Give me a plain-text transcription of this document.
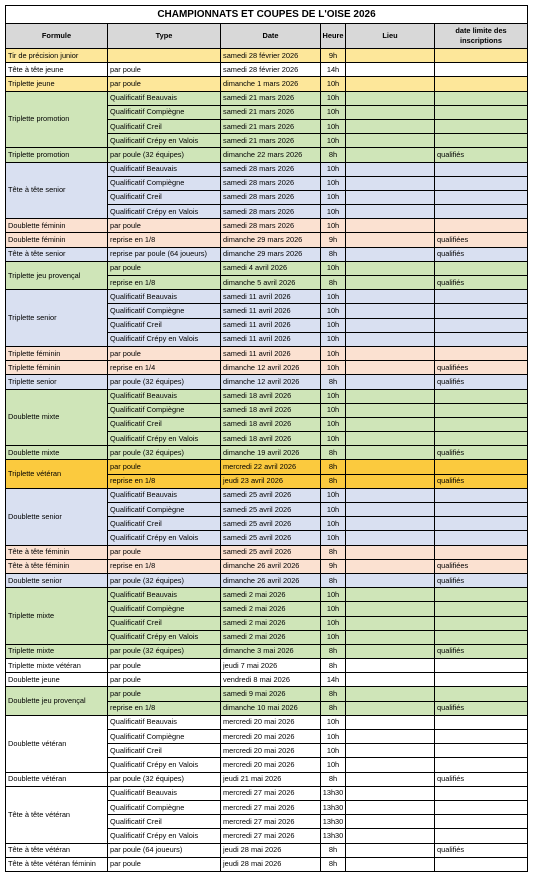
CHAMPIONNATS ET COUPES DE L'OISE 2026
Formule	Type	Date	Heure	Lieu	date limite des inscriptions
Tir de précision junior		samedi 28 février 2026	9h		
Tête à tête jeune	par poule	samedi 28 février 2026	14h		
Triplette jeune	par poule	dimanche 1 mars 2026	10h		
Triplette promotion	Qualificatif Beauvais	samedi 21 mars 2026	10h		
	Qualificatif Compiègne	samedi 21 mars 2026	10h		
	Qualificatif Creil	samedi 21 mars 2026	10h		
	Qualificatif Crépy en Valois	samedi 21 mars 2026	10h		
Triplette promotion	par poule (32 équipes)	dimanche 22 mars 2026	8h		qualifiés
Tête à tête senior	Qualificatif Beauvais	samedi 28 mars 2026	10h		
	Qualificatif Compiègne	samedi 28 mars 2026	10h		
	Qualificatif Creil	samedi 28 mars 2026	10h		
	Qualificatif Crépy en Valois	samedi 28 mars 2026	10h		
Doublette féminin	par poule	samedi 28 mars 2026	10h		
Doublette féminin	reprise en 1/8	dimanche 29 mars 2026	9h		qualifiées
Tête à tête senior	reprise par poule (64 joueurs)	dimanche 29 mars 2026	8h		qualifiés
Triplette jeu provençal	par poule	samedi 4 avril 2026	10h		
	reprise en 1/8	dimanche 5 avril 2026	8h		qualifiés
Triplette senior	Qualificatif Beauvais	samedi 11 avril 2026	10h		
	Qualificatif Compiègne	samedi 11 avril 2026	10h		
	Qualificatif Creil	samedi 11 avril 2026	10h		
	Qualificatif Crépy en Valois	samedi 11 avril 2026	10h		
Triplette féminin	par poule	samedi 11 avril 2026	10h		
Triplette féminin	reprise en 1/4	dimanche 12 avril 2026	10h		qualifiées
Triplette senior	par poule (32 équipes)	dimanche 12 avril 2026	8h		qualifiés
Doublette mixte	Qualificatif Beauvais	samedi 18 avril 2026	10h		
	Qualificatif Compiègne	samedi 18 avril 2026	10h		
	Qualificatif Creil	samedi 18 avril 2026	10h		
	Qualificatif Crépy en Valois	samedi 18 avril 2026	10h		
Doublette mixte	par poule (32 équipes)	dimanche 19 avril 2026	8h		qualifiés
Triplette vétéran	par poule	mercredi 22 avril 2026	8h		
	reprise en 1/8	jeudi 23 avril 2026	8h		qualifiés
Doublette senior	Qualificatif Beauvais	samedi 25 avril 2026	10h		
	Qualificatif Compiègne	samedi 25 avril 2026	10h		
	Qualificatif Creil	samedi 25 avril 2026	10h		
	Qualificatif Crépy en Valois	samedi 25 avril 2026	10h		
Tête à tête féminin	par poule	samedi 25 avril 2026	8h		
Tête à tête féminin	reprise en 1/8	dimanche 26 avril 2026	9h		qualifiées
Doublette senior	par poule (32 équipes)	dimanche 26 avril 2026	8h		qualifiés
Triplette mixte	Qualificatif Beauvais	samedi 2 mai 2026	10h		
	Qualificatif Compiègne	samedi 2 mai 2026	10h		
	Qualificatif Creil	samedi 2 mai 2026	10h		
	Qualificatif Crépy en Valois	samedi 2 mai 2026	10h		
Triplette mixte	par poule (32 équipes)	dimanche 3 mai 2026	8h		qualifiés
Triplette mixte vétéran	par poule	jeudi 7 mai 2026	8h		
Doublette jeune	par poule	vendredi 8 mai 2026	14h		
Doublette jeu provençal	par poule	samedi 9 mai 2026	8h		
	reprise en 1/8	dimanche 10 mai 2026	8h		qualifiés
Doublette vétéran	Qualificatif Beauvais	mercredi 20 mai 2026	10h		
	Qualificatif Compiègne	mercredi 20 mai 2026	10h		
	Qualificatif Creil	mercredi 20 mai 2026	10h		
	Qualificatif Crépy en Valois	mercredi 20 mai 2026	10h		
Doublette vétéran	par poule (32 équipes)	jeudi 21 mai 2026	8h		qualifiés
Tête à tête vétéran	Qualificatif Beauvais	mercredi 27 mai 2026	13h30		
	Qualificatif Compiègne	mercredi 27 mai 2026	13h30		
	Qualificatif Creil	mercredi 27 mai 2026	13h30		
	Qualificatif Crépy en Valois	mercredi 27 mai 2026	13h30		
Tête à tête vétéran	par poule (64 joueurs)	jeudi 28 mai 2026	8h		qualifiés
Tête à tête vétéran féminin	par poule	jeudi 28 mai 2026	8h		
